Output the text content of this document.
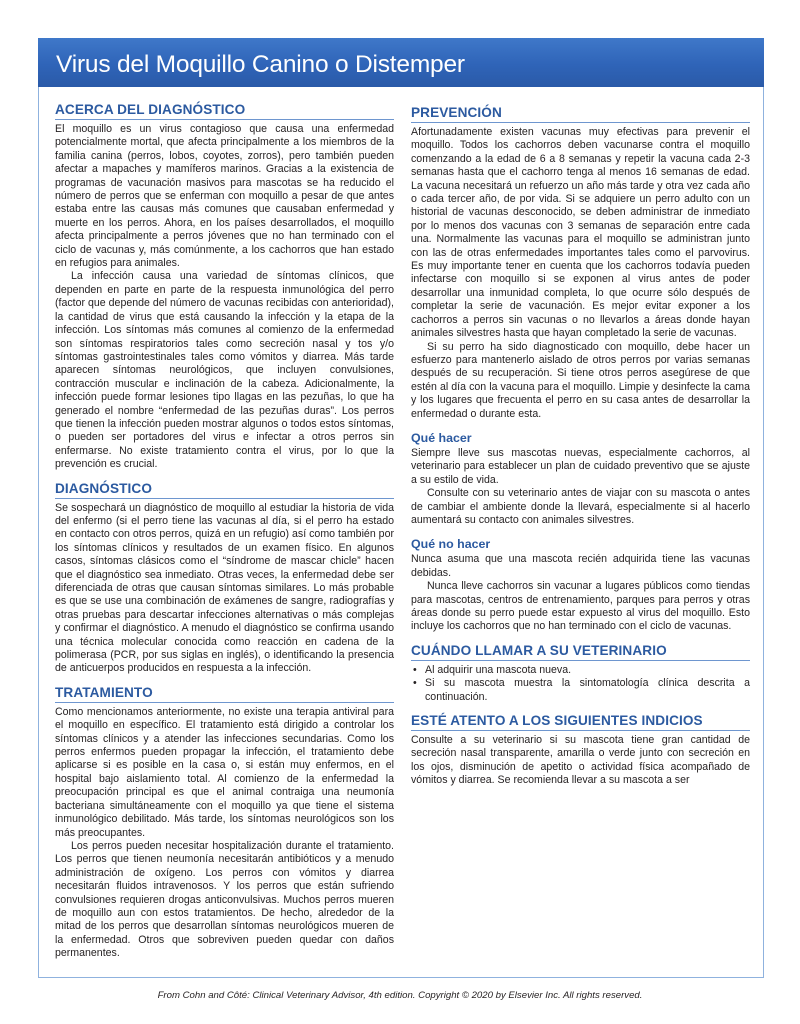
Virus del Moquillo Canino o Distemper
ACERCA DEL DIAGNÓSTICO

El moquillo es un virus contagioso que causa una enfermedad potencialmente mortal, que afecta principalmente a los miembros de la familia canina (perros, lobos, coyotes, zorros), pero también pueden afectar a mapaches y mamíferos marinos. Gracias a la existencia de programas de vacunación masivos para mascotas se ha reducido el número de perros que se enferman con moquillo a pesar de que antes estaba entre las causas más comunes que causaban enfermedad y muerte en los perros. Ahora, en los países desarrollados, el moquillo afecta principalmente a perros jóvenes que no han terminado con el ciclo de vacunas y, más comúnmente, a los cachorros que han estado en refugios para animales.

La infección causa una variedad de síntomas clínicos, que dependen en parte en parte de la respuesta inmunológica del perro (factor que depende del número de vacunas recibidas con anterioridad), la cantidad de virus que está causando la infección y la etapa de la infección. Los síntomas más comunes al comienzo de la enfermedad son síntomas respiratorios tales como secreción nasal y tos y/o síntomas gastrointestinales tales como vómitos y diarrea. Más tarde aparecen síntomas neurológicos, que incluyen convulsiones, contracción muscular e inclinación de la cabeza. Adicionalmente, la infección puede formar lesiones tipo llagas en las pezuñas, lo que ha generado el nombre “enfermedad de las pezuñas duras”. Los perros que tienen la infección pueden mostrar algunos o todos estos síntomas, o pueden ser portadores del virus e infectar a otros perros sin enfermarse. No existe tratamiento contra el virus, por lo que la prevención es crucial.

DIAGNÓSTICO

Se sospechará un diagnóstico de moquillo al estudiar la historia de vida del enfermo (si el perro tiene las vacunas al día, si el perro ha estado en contacto con otros perros, quizá en un refugio) así como también por los síntomas clínicos y resultados de un examen físico. En algunos casos, síntomas clásicos como el “síndrome de mascar chicle” hacen que el diagnóstico sea inmediato. Otras veces, la enfermedad debe ser diferenciada de otras que causan síntomas similares. Lo más probable es que se use una combinación de exámenes de sangre, radiografías y otras pruebas para descartar infecciones alternativas o más complejas y confirmar el diagnóstico. A menudo el diagnóstico se confirma usando una técnica molecular conocida como reacción en cadena de la polimerasa (PCR, por sus siglas en inglés), o identificando la presencia de anticuerpos producidos en respuesta a la infección.

TRATAMIENTO

Como mencionamos anteriormente, no existe una terapia antiviral para el moquillo en específico. El tratamiento está dirigido a controlar los síntomas clínicos y a atender las infecciones secundarias. Como los perros enfermos pueden propagar la infección, el tratamiento debe aplicarse si es posible en la casa o, si están muy enfermos, en el hospital bajo aislamiento total. Al comienzo de la enfermedad la preocupación principal es que el animal contraiga una neumonía bacteriana simultáneamente con el moquillo ya que tiene el sistema inmunológico debilitado. Más tarde, los síntomas neurológicos son los más preocupantes.

Los perros pueden necesitar hospitalización durante el tratamiento. Los perros que tienen neumonía necesitarán antibióticos y a menudo administración de oxígeno. Los perros con vómitos y diarrea necesitarán fluidos intravenosos. Y los perros que están sufriendo convulsiones requieren drogas anticonvulsivas. Muchos perros mueren de moquillo aun con estos tratamientos. De hecho, alrededor de la mitad de los perros que desarrollan síntomas neurológicos mueren de la enfermedad. Otros que sobreviven pueden quedar con daños permanentes.

PREVENCIÓN

Afortunadamente existen vacunas muy efectivas para prevenir el moquillo. Todos los cachorros deben vacunarse contra el moquillo comenzando a la edad de 6 a 8 semanas y repetir la vacuna cada 2-3 semanas hasta que el cachorro tenga al menos 16 semanas de edad. La vacuna necesitará un refuerzo un año más tarde y otra vez cada año o cada tercer año, de por vida. Si se adquiere un perro adulto con un historial de vacunas desconocido, se deben administrar de inmediato por lo menos dos vacunas con 3 semanas de separación entre cada una. Normalmente las vacunas para el moquillo se administran junto con las de otras enfermedades importantes tales como el parvovirus. Es muy importante tener en cuenta que los cachorros todavía pueden infectarse con moquillo si se exponen al virus antes de poder desarrollar una inmunidad completa, lo que ocurre sólo después de completar la serie de vacunación. Es mejor evitar exponer a los cachorros a perros sin vacunas o no llevarlos a áreas donde hayan animales silvestres hasta que hayan completado la serie de vacunas.

Si su perro ha sido diagnosticado con moquillo, debe hacer un esfuerzo para mantenerlo aislado de otros perros por varias semanas después de su recuperación. Si tiene otros perros asegúrese de que estén al día con la vacuna para el moquillo. Limpie y desinfecte la cama y los lugares que frecuenta el perro en su casa antes de desarrollar la enfermedad o durante esta.

Qué hacer

Siempre lleve sus mascotas nuevas, especialmente cachorros, al veterinario para establecer un plan de cuidado preventivo que se ajuste a su estilo de vida.

Consulte con su veterinario antes de viajar con su mascota o antes de cambiar el ambiente donde la llevará, especialmente si al hacerlo aumentará su contacto con animales silvestres.

Qué no hacer

Nunca asuma que una mascota recién adquirida tiene las vacunas debidas.

Nunca lleve cachorros sin vacunar a lugares públicos como tiendas para mascotas, centros de entrenamiento, parques para perros y otras áreas donde su perro puede estar expuesto al virus del moquillo. Esto incluye los cachorros que no han terminado con el ciclo de vacunas.

CUÁNDO LLAMAR A SU VETERINARIO
• Al adquirir una mascota nueva.
• Si su mascota muestra la sintomatología clínica descrita a continuación.
ESTÉ ATENTO A LOS SIGUIENTES INDICIOS

Consulte a su veterinario si su mascota tiene gran cantidad de secreción nasal transparente, amarilla o verde junto con secreción en los ojos, disminución de apetito o actividad física acompañado de vómitos y diarrea. Se recomienda llevar a su mascota a ser

From Cohn and Côté: Clinical Veterinary Advisor, 4th edition. Copyright © 2020 by Elsevier Inc. All rights reserved.
